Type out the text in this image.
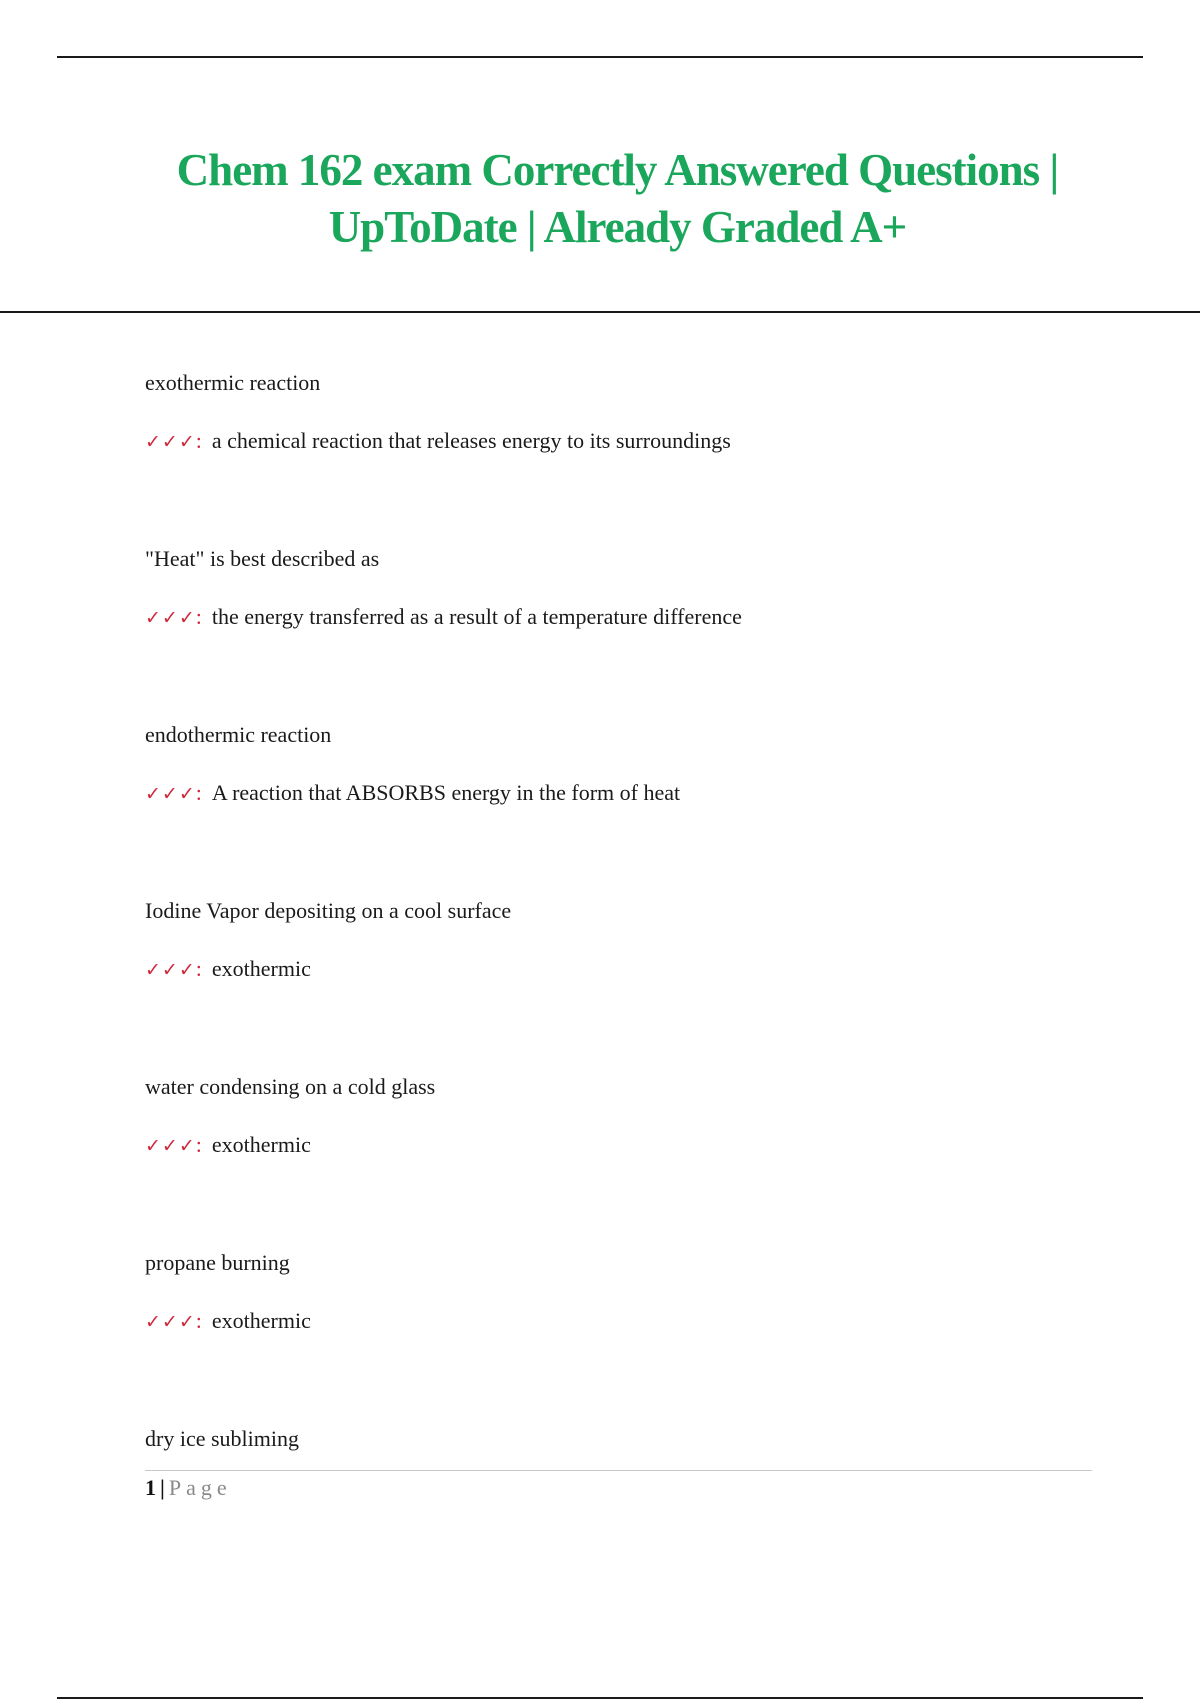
Chem 162 exam Correctly Answered Questions |
UpToDate | Already Graded A+
exothermic reaction
✓✓✓: a chemical reaction that releases energy to its surroundings
"Heat" is best described as
✓✓✓: the energy transferred as a result of a temperature difference
endothermic reaction
✓✓✓: A reaction that ABSORBS energy in the form of heat
Iodine Vapor depositing on a cool surface
✓✓✓: exothermic
water condensing on a cold glass
✓✓✓: exothermic
propane burning
✓✓✓: exothermic
dry ice subliming
1 | Page
